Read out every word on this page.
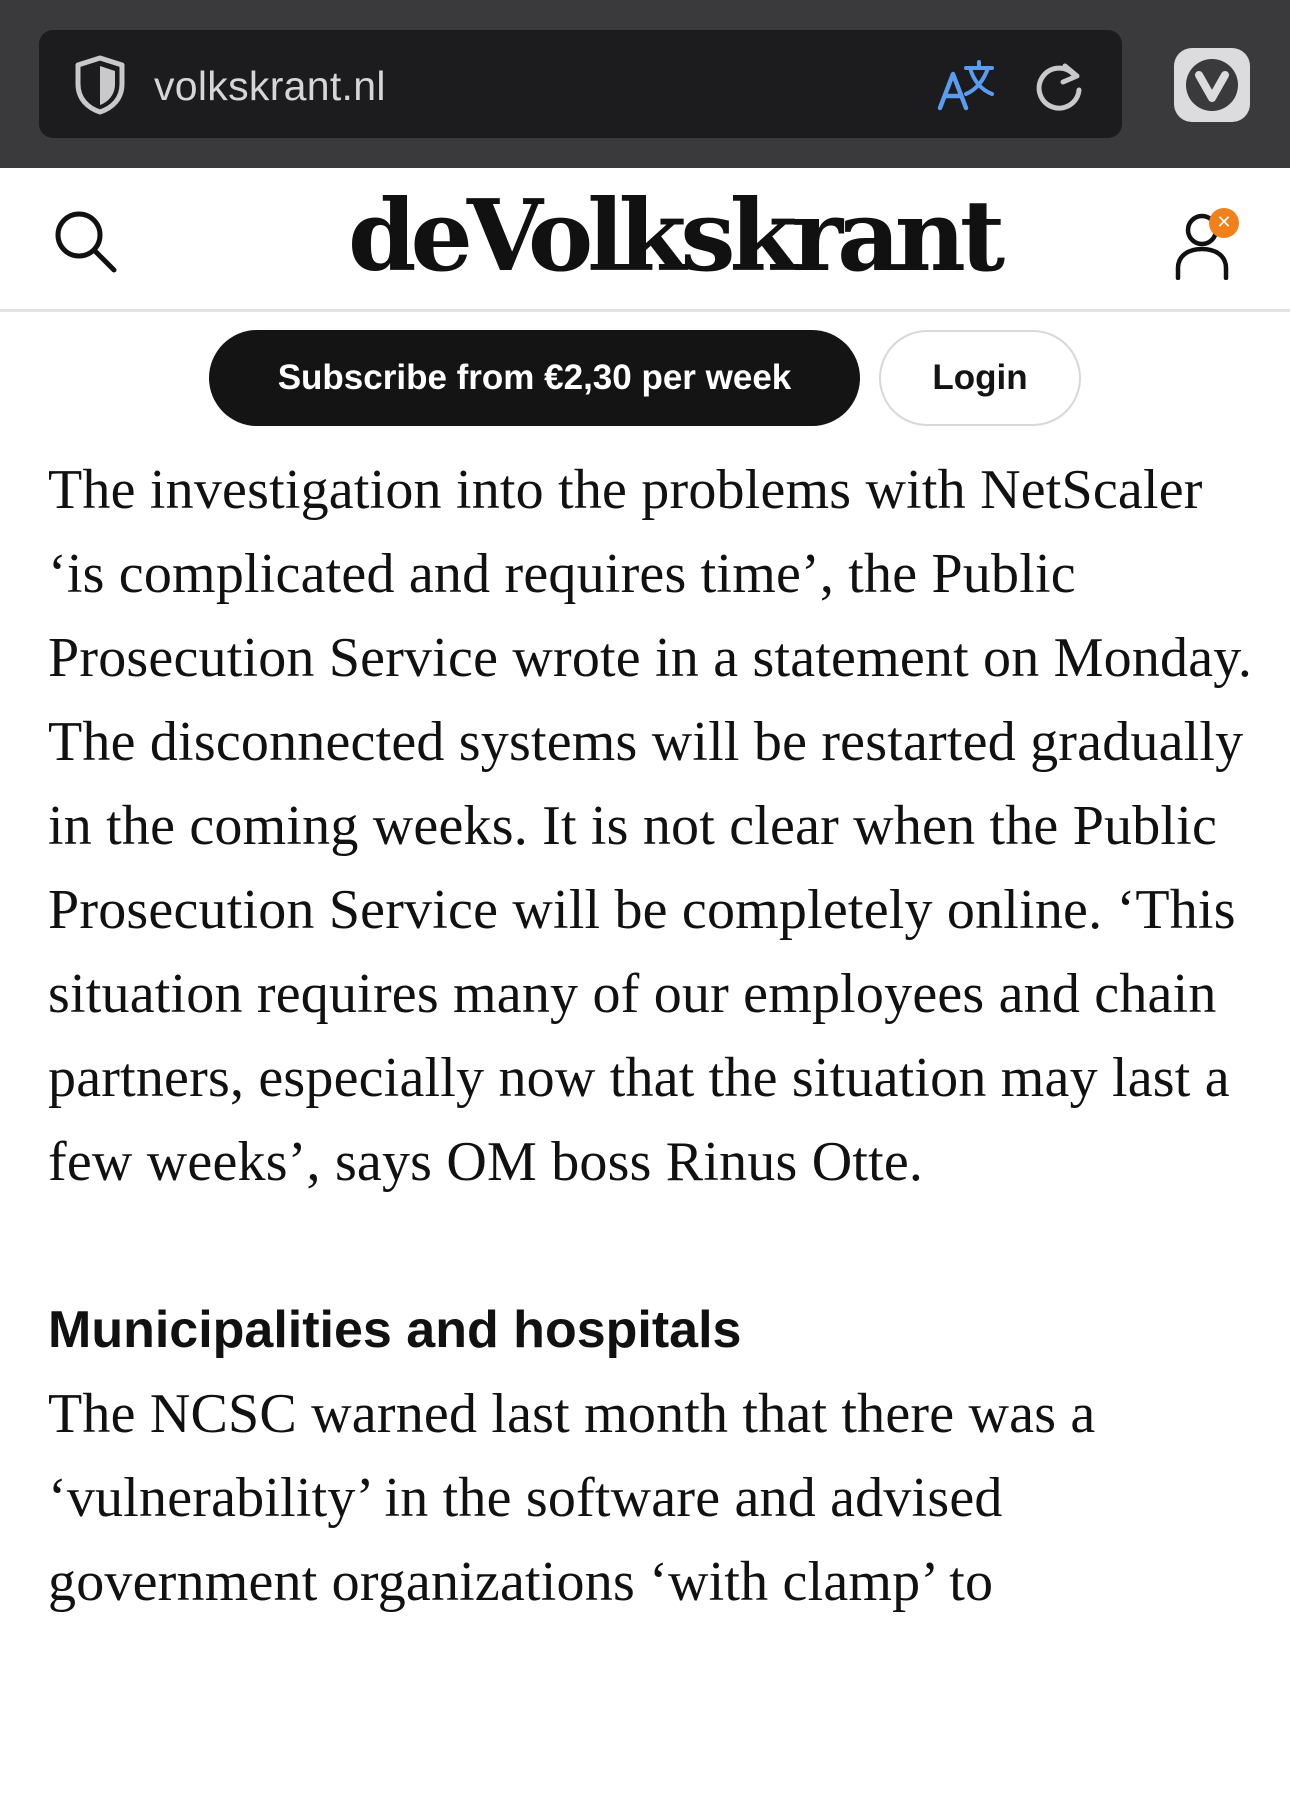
volkskrant.nl
deVolkskrant	✕
Subscribe from €2,30 per week	Login

The investigation into the problems with NetScaler ‘is complicated and requires time’, the Public Prosecution Service wrote in a statement on Monday. The disconnected systems will be restarted gradually in the coming weeks. It is not clear when the Public Prosecution Service will be completely online. ‘This situation requires many of our employees and chain partners, especially now that the situation may last a few weeks’, says OM boss Rinus Otte.

Municipalities and hospitals

The NCSC warned last month that there was a ‘vulnerability’ in the software and advised government organizations ‘with clamp’ to
